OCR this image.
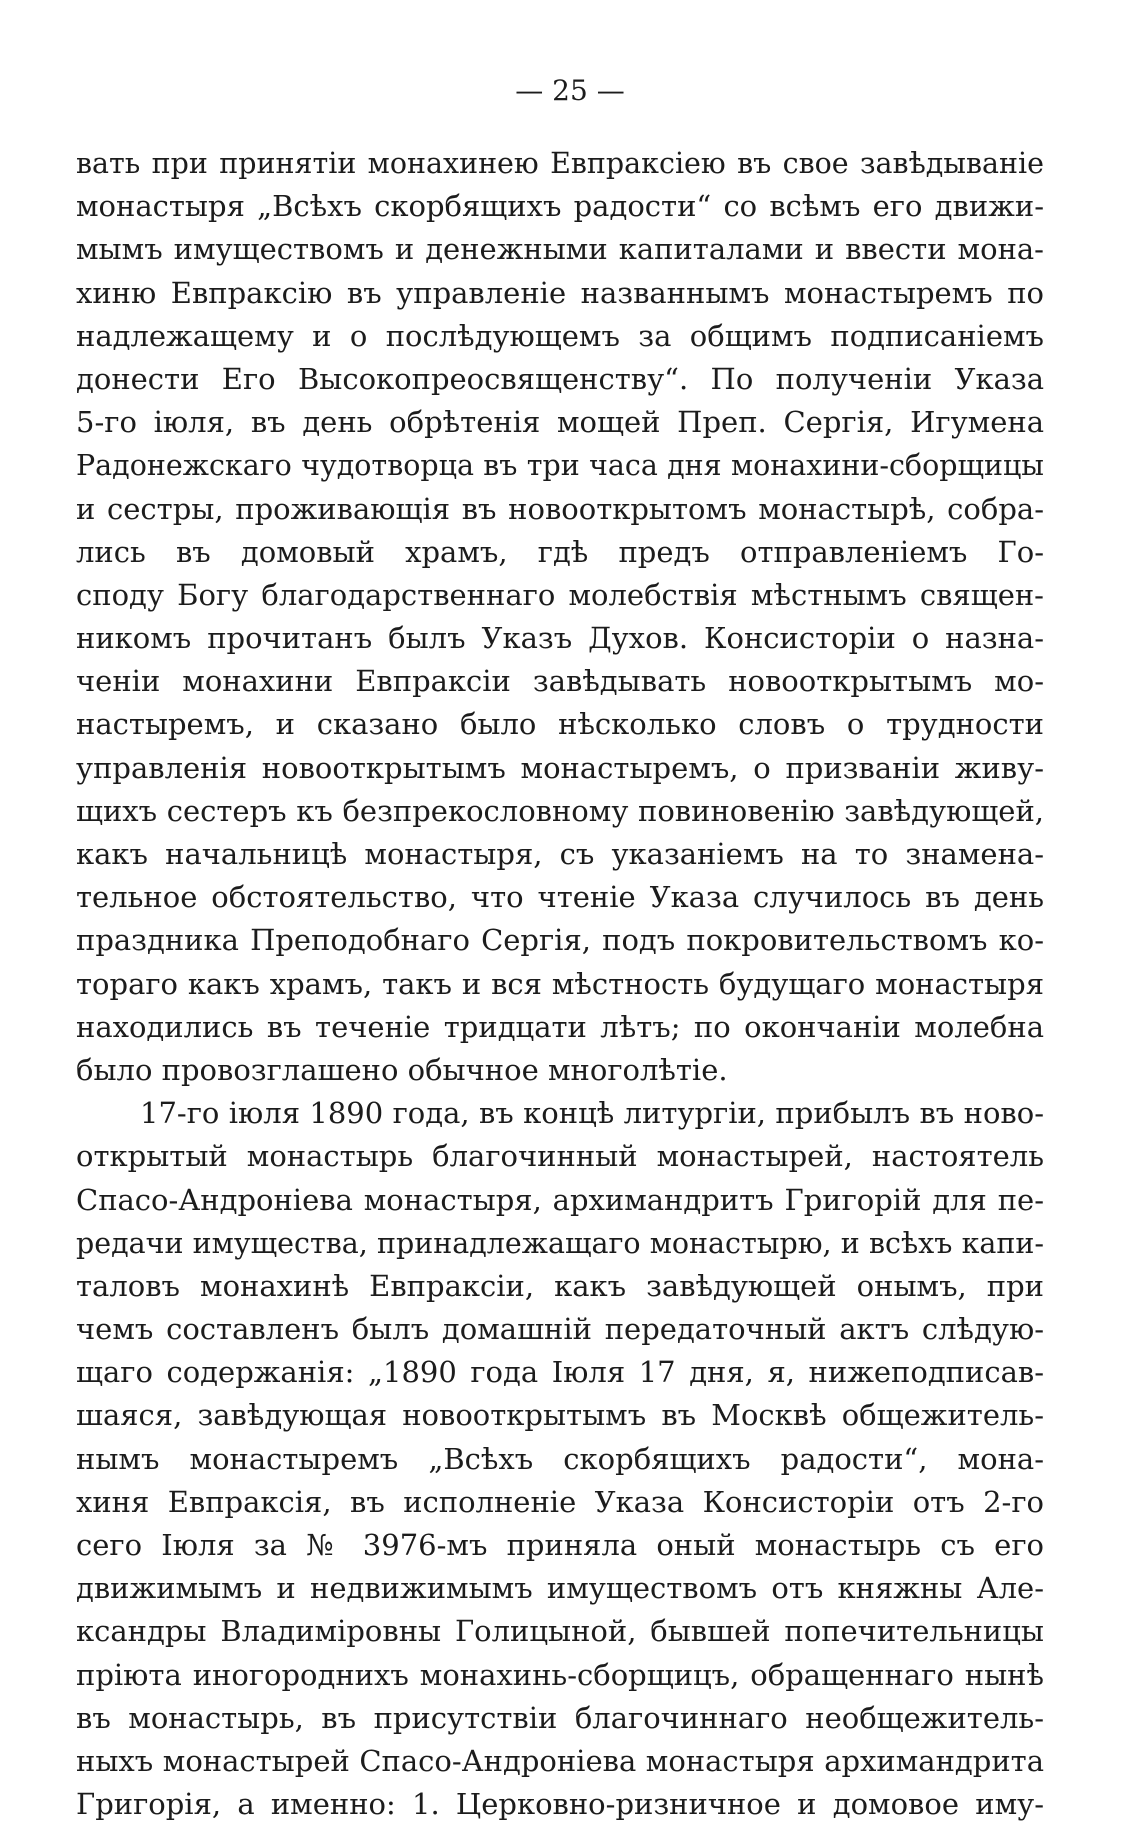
— 25 —
вать при принятіи монахинею Евпраксіею въ свое завѣдываніе
монастыря „Всѣхъ скорбящихъ радости“ со всѣмъ его движи-
мымъ имуществомъ и денежными капиталами и ввести мона-
хиню Евпраксію въ управленіе названнымъ монастыремъ по
надлежащему и о послѣдующемъ за общимъ подписаніемъ
донести Его Высокопреосвященству“. По полученіи Указа
5-го іюля, въ день обрѣтенія мощей Преп. Сергія, Игумена
Радонежскаго чудотворца въ три часа дня монахини-сборщицы
и сестры, проживающія въ новооткрытомъ монастырѣ, собра-
лись въ домовый храмъ, гдѣ предъ отправленіемъ Го-
споду Богу благодарственнаго молебствія мѣстнымъ священ-
никомъ прочитанъ былъ Указъ Духов. Консисторіи о назна-
ченіи монахини Евпраксіи завѣдывать новооткрытымъ мо-
настыремъ, и сказано было нѣсколько словъ о трудности
управленія новооткрытымъ монастыремъ, о призваніи живу-
щихъ сестеръ къ безпрекословному повиновенію завѣдующей,
какъ начальницѣ монастыря, съ указаніемъ на то знамена-
тельное обстоятельство, что чтеніе Указа случилось въ день
праздника Преподобнаго Сергія, подъ покровительствомъ ко-
тораго какъ храмъ, такъ и вся мѣстность будущаго монастыря
находились въ теченіе тридцати лѣтъ; по окончаніи молебна
было провозглашено обычное многолѣтіе.
17-го іюля 1890 года, въ концѣ литургіи, прибылъ въ ново-
открытый монастырь благочинный монастырей, настоятель
Спасо-Андроніева монастыря, архимандритъ Григорій для пе-
редачи имущества, принадлежащаго монастырю, и всѣхъ капи-
таловъ монахинѣ Евпраксіи, какъ завѣдующей онымъ, при
чемъ составленъ былъ домашній передаточный актъ слѣдую-
щаго содержанія: „1890 года Іюля 17 дня, я, нижеподписав-
шаяся, завѣдующая новооткрытымъ въ Москвѣ общежитель-
нымъ монастыремъ „Всѣхъ скорбящихъ радости“, мона-
хиня Евпраксія, въ исполненіе Указа Консисторіи отъ 2-го
сего Іюля за № 3976-мъ приняла оный монастырь съ его
движимымъ и недвижимымъ имуществомъ отъ княжны Але-
ксандры Владиміровны Голицыной, бывшей попечительницы
пріюта иногороднихъ монахинь-сборщицъ, обращеннаго нынѣ
въ монастырь, въ присутствіи благочиннаго необщежитель-
ныхъ монастырей Спасо-Андроніева монастыря архимандрита
Григорія, а именно: 1. Церковно-ризничное и домовое иму-
